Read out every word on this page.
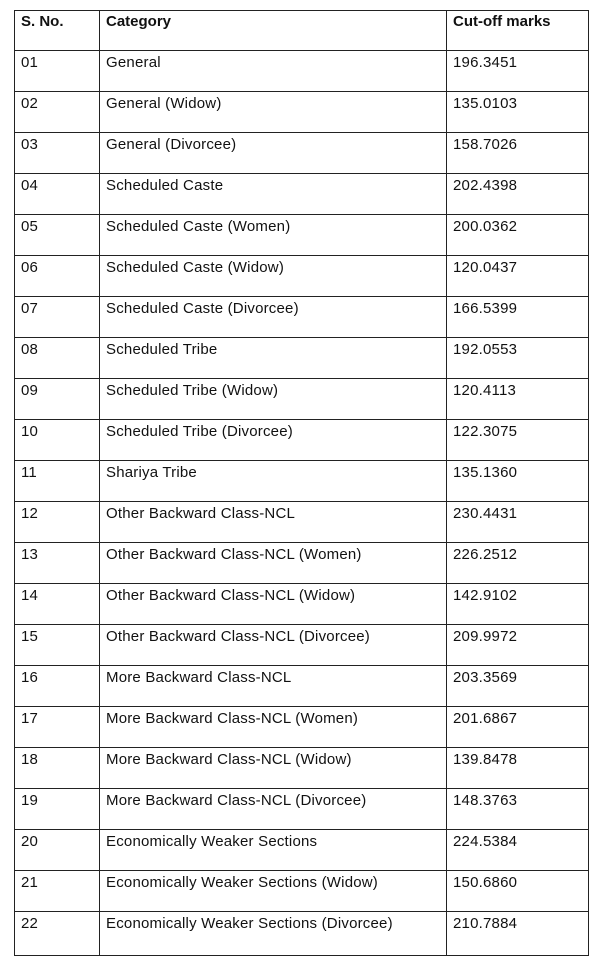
S. No.	Category	Cut-off marks
01	General	196.3451
02	General (Widow)	135.0103
03	General (Divorcee)	158.7026
04	Scheduled Caste	202.4398
05	Scheduled Caste (Women)	200.0362
06	Scheduled Caste (Widow)	120.0437
07	Scheduled Caste (Divorcee)	166.5399
08	Scheduled Tribe	192.0553
09	Scheduled Tribe (Widow)	120.4113
10	Scheduled Tribe (Divorcee)	122.3075
11	Shariya Tribe	135.1360
12	Other Backward Class-NCL	230.4431
13	Other Backward Class-NCL (Women)	226.2512
14	Other Backward Class-NCL (Widow)	142.9102
15	Other Backward Class-NCL (Divorcee)	209.9972
16	More Backward Class-NCL	203.3569
17	More Backward Class-NCL (Women)	201.6867
18	More Backward Class-NCL (Widow)	139.8478
19	More Backward Class-NCL (Divorcee)	148.3763
20	Economically Weaker Sections	224.5384
21	Economically Weaker Sections (Widow)	150.6860
22	Economically Weaker Sections (Divorcee)	210.7884
